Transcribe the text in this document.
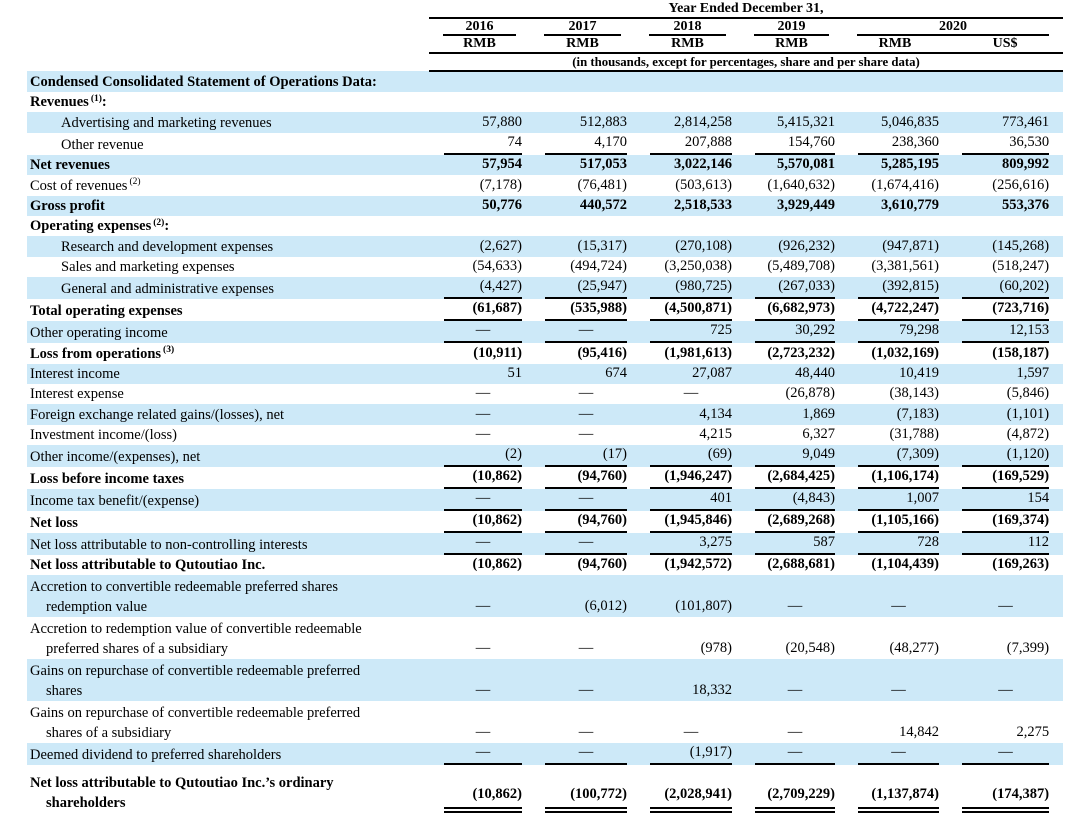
	Year Ended December 31,					

	2016	2017	2018	2019	2020	

	RMB	RMB	RMB	RMB	RMB	US$
	(in thousands, except for percentages, share and per share data)					
Condensed Consolidated Statement of Operations Data:						
Revenues $^{(1)}$:						
Advertising and marketing revenues	57,880	512,883	2,814,258	5,415,321	5,046,835	773,461

Other revenue	74	4,170	207,888	154,760	238,360	36,530

Net revenues	57,954	517,053	3,022,146	5,570,081	5,285,195	809,992

Cost of revenues $^{(2)}$	(7,178)	(76,481)	(503,613)	(1,640,632)	(1,674,416)	(256,616)

Gross profit	50,776	440,572	2,518,533	3,929,449	3,610,779	553,376

Operating expenses $^{(2)}$:						
Research and development expenses	(2,627)	(15,317)	(270,108)	(926,232)	(947,871)	(145,268)

Sales and marketing expenses	(54,633)	(494,724)	(3,250,038)	(5,489,708)	(3,381,561)	(518,247)

General and administrative expenses	(4,427)	(25,947)	(980,725)	(267,033)	(392,815)	(60,202)

Total operating expenses	(61,687)	(535,988)	(4,500,871)	(6,682,973)	(4,722,247)	(723,716)

Other operating income	—	—	725	30,292	79,298	12,153

Loss from operations $^{(3)}$	(10,911)	(95,416)	(1,981,613)	(2,723,232)	(1,032,169)	(158,187)

Interest income	51	674	27,087	48,440	10,419	1,597

Interest expense	—	—	—	(26,878)	(38,143)	(5,846)

Foreign exchange related gains/(losses), net	—	—	4,134	1,869	(7,183)	(1,101)

Investment income/(loss)	—	—	4,215	6,327	(31,788)	(4,872)

Other income/(expenses), net	(2)	(17)	(69)	9,049	(7,309)	(1,120)

Loss before income taxes	(10,862)	(94,760)	(1,946,247)	(2,684,425)	(1,106,174)	(169,529)

Income tax benefit/(expense)	—	—	401	(4,843)	1,007	154

Net loss	(10,862)	(94,760)	(1,945,846)	(2,689,268)	(1,105,166)	(169,374)

Net loss attributable to non-controlling interests	—	—	3,275	587	728	112

Net loss attributable to Qutoutiao Inc.	(10,862)	(94,760)	(1,942,572)	(2,688,681)	(1,104,439)	(169,263)

Accretion to convertible redeemable preferred shares
redemption value	—	(6,012)	(101,807)	—	—	—

Accretion to redemption value of convertible redeemable
preferred shares of a subsidiary	—	—	(978)	(20,548)	(48,277)	(7,399)

Gains on repurchase of convertible redeemable preferred
shares	—	—	18,332	—	—	—

Gains on repurchase of convertible redeemable preferred
shares of a subsidiary	—	—	—	—	14,842	2,275

Deemed dividend to preferred shareholders	—	—	(1,917)	—	—	—

Net loss attributable to Qutoutiao Inc.’s ordinary
shareholders	(10,862)	(100,772)	(2,028,941)	(2,709,229)	(1,137,874)	(174,387)
